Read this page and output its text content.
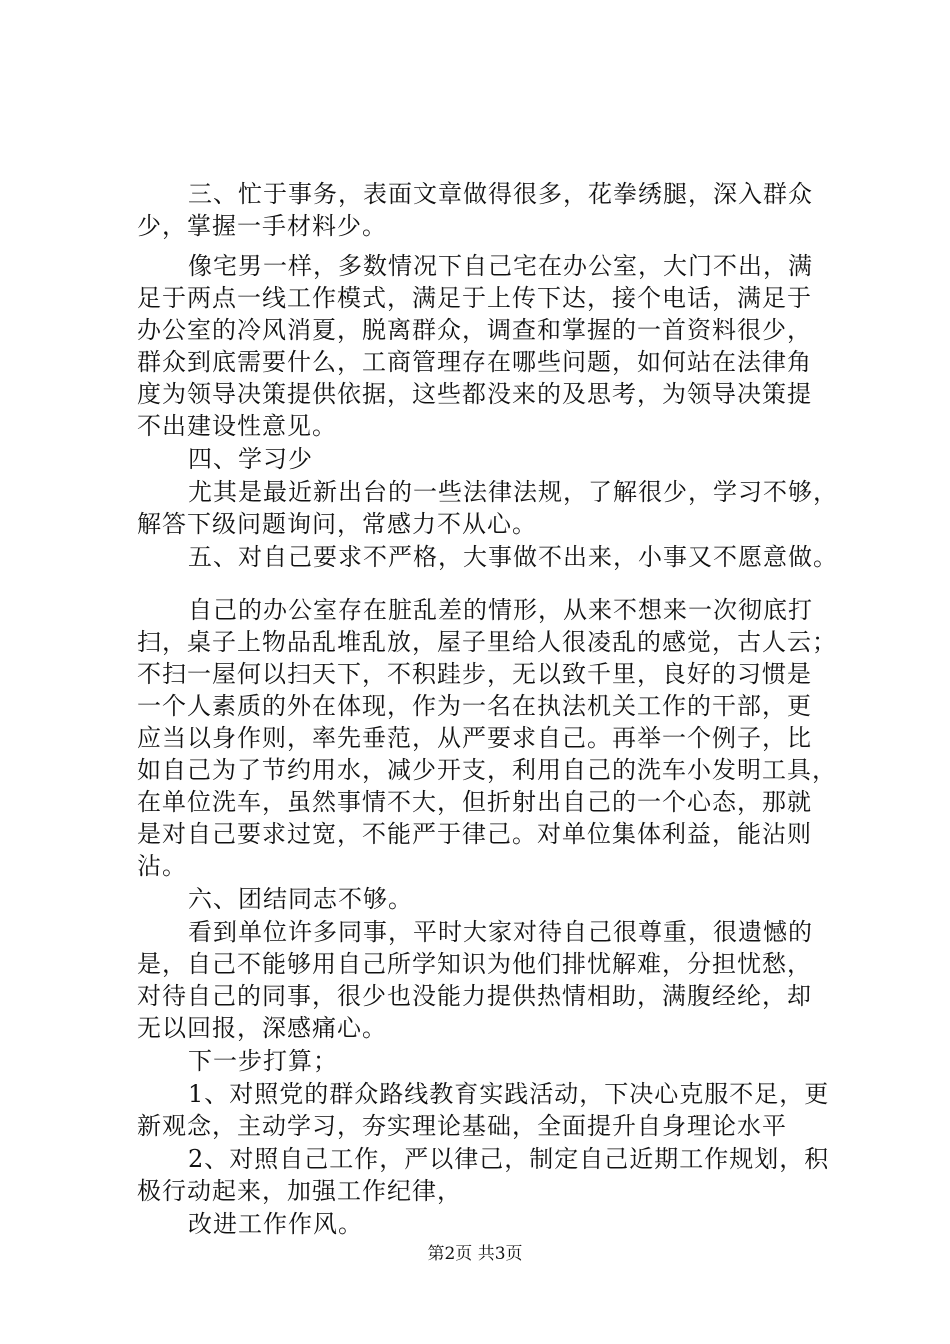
三、忙于事务，表面文章做得很多，花拳绣腿，深入群众
少，掌握一手材料少。
像宅男一样，多数情况下自己宅在办公室，大门不出，满
足于两点一线工作模式，满足于上传下达，接个电话，满足于
办公室的冷风消夏，脱离群众，调查和掌握的一首资料很少，
群众到底需要什么，工商管理存在哪些问题，如何站在法律角
度为领导决策提供依据，这些都没来的及思考，为领导决策提
不出建设性意见。
四、学习少
尤其是最近新出台的一些法律法规，了解很少，学习不够，
解答下级问题询问，常感力不从心。
五、对自己要求不严格，大事做不出来，小事又不愿意做。
自己的办公室存在脏乱差的情形，从来不想来一次彻底打
扫，桌子上物品乱堆乱放，屋子里给人很凌乱的感觉，古人云；
不扫一屋何以扫天下，不积跬步，无以致千里，良好的习惯是
一个人素质的外在体现，作为一名在执法机关工作的干部，更
应当以身作则，率先垂范，从严要求自己。再举一个例子，比
如自己为了节约用水，减少开支，利用自己的洗车小发明工具，
在单位洗车，虽然事情不大，但折射出自己的一个心态，那就
是对自己要求过宽，不能严于律己。对单位集体利益，能沾则
沾。
六、团结同志不够。
看到单位许多同事，平时大家对待自己很尊重，很遗憾的
是，自己不能够用自己所学知识为他们排忧解难，分担忧愁，
对待自己的同事，很少也没能力提供热情相助，满腹经纶，却
无以回报，深感痛心。
下一步打算；
1、对照党的群众路线教育实践活动，下决心克服不足，更
新观念，主动学习，夯实理论基础，全面提升自身理论水平
2、对照自己工作，严以律己，制定自己近期工作规划，积
极行动起来，加强工作纪律，
改进工作作风。
第2页 共3页
